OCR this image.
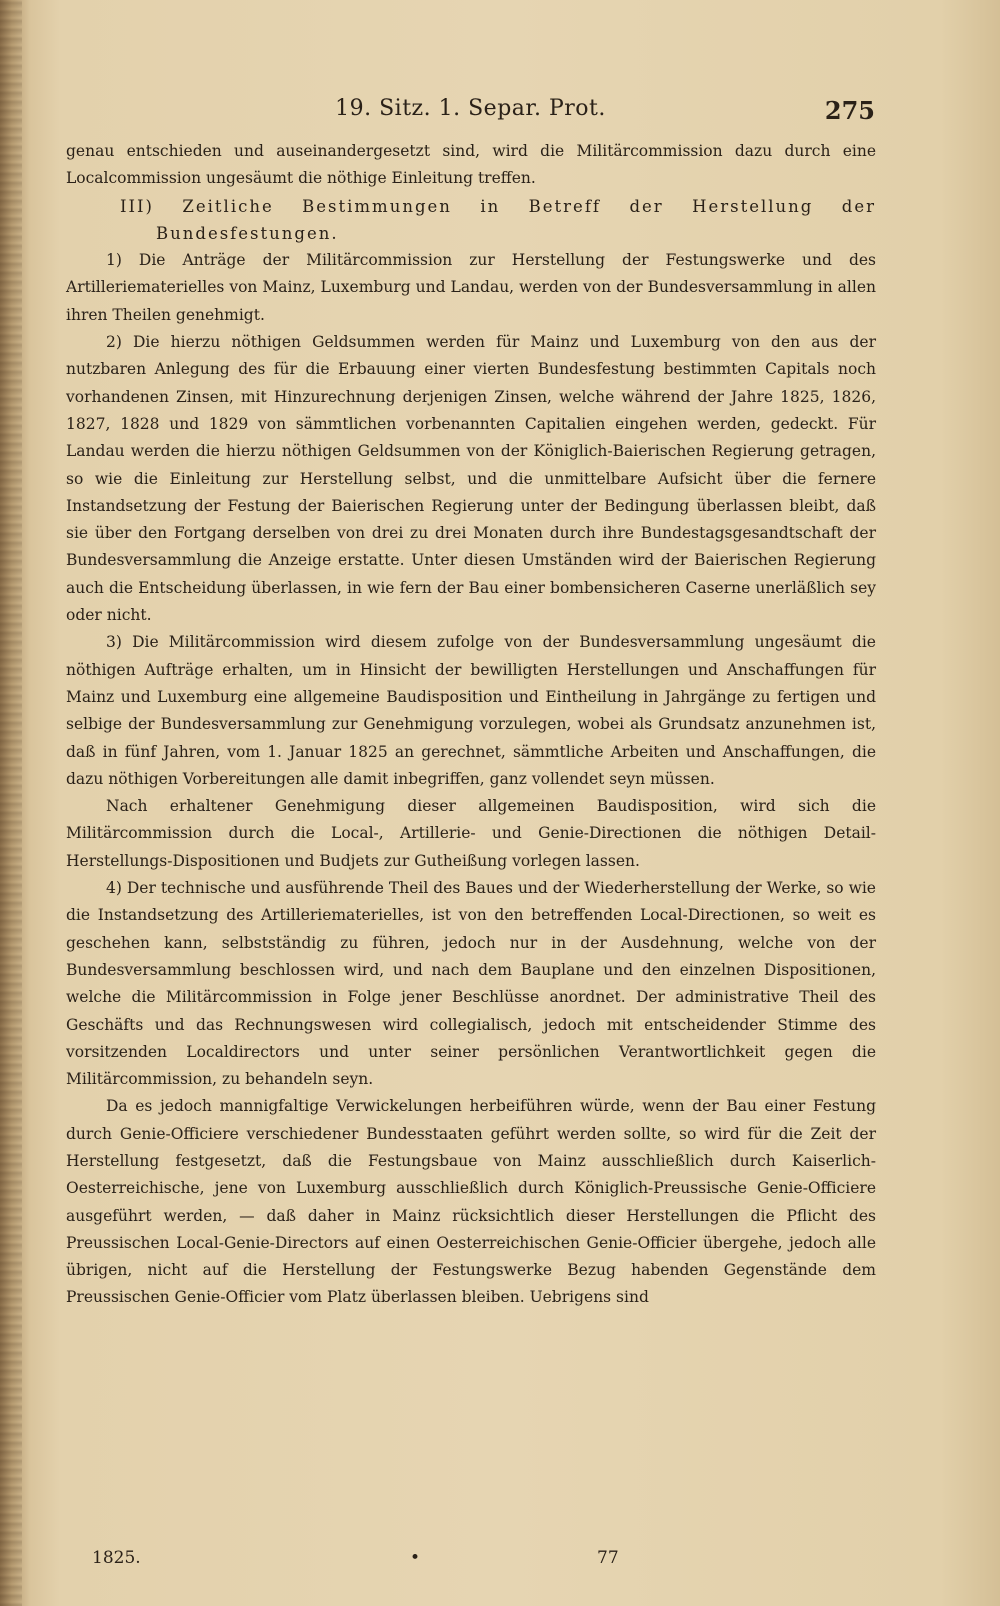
19. Sitz. 1. Separ. Prot.	275

genau entschieden und auseinandergesetzt sind, wird die Militärcommission dazu durch eine Localcommission ungesäumt die nöthige Einleitung treffen.

III) Zeitliche Bestimmungen in Betreff der Herstellung der Bundesfestungen.

1) Die Anträge der Militärcommission zur Herstellung der Festungswerke und des Artilleriematerielles von Mainz, Luxemburg und Landau, werden von der Bundesversammlung in allen ihren Theilen genehmigt.

2) Die hierzu nöthigen Geldsummen werden für Mainz und Luxemburg von den aus der nutzbaren Anlegung des für die Erbauung einer vierten Bundesfestung bestimmten Capitals noch vorhandenen Zinsen, mit Hinzurechnung derjenigen Zinsen, welche während der Jahre 1825, 1826, 1827, 1828 und 1829 von sämmtlichen vorbenannten Capitalien eingehen werden, gedeckt. Für Landau werden die hierzu nöthigen Geldsummen von der Königlich-Baierischen Regierung getragen, so wie die Einleitung zur Herstellung selbst, und die unmittelbare Aufsicht über die fernere Instandsetzung der Festung der Baierischen Regierung unter der Bedingung überlassen bleibt, daß sie über den Fortgang derselben von drei zu drei Monaten durch ihre Bundestagsgesandtschaft der Bundesversammlung die Anzeige erstatte. Unter diesen Umständen wird der Baierischen Regierung auch die Entscheidung überlassen, in wie fern der Bau einer bombensicheren Caserne unerläßlich sey oder nicht.

3) Die Militärcommission wird diesem zufolge von der Bundesversammlung ungesäumt die nöthigen Aufträge erhalten, um in Hinsicht der bewilligten Herstellungen und Anschaffungen für Mainz und Luxemburg eine allgemeine Baudisposition und Eintheilung in Jahrgänge zu fertigen und selbige der Bundesversammlung zur Genehmigung vorzulegen, wobei als Grundsatz anzunehmen ist, daß in fünf Jahren, vom 1. Januar 1825 an gerechnet, sämmtliche Arbeiten und Anschaffungen, die dazu nöthigen Vorbereitungen alle damit inbegriffen, ganz vollendet seyn müssen.

Nach erhaltener Genehmigung dieser allgemeinen Baudisposition, wird sich die Militärcommission durch die Local-, Artillerie- und Genie-Directionen die nöthigen Detail-Herstellungs-Dispositionen und Budjets zur Gutheißung vorlegen lassen.

4) Der technische und ausführende Theil des Baues und der Wiederherstellung der Werke, so wie die Instandsetzung des Artilleriematerielles, ist von den betreffenden Local-Directionen, so weit es geschehen kann, selbstständig zu führen, jedoch nur in der Ausdehnung, welche von der Bundesversammlung beschlossen wird, und nach dem Bauplane und den einzelnen Dispositionen, welche die Militärcommission in Folge jener Beschlüsse anordnet. Der administrative Theil des Geschäfts und das Rechnungswesen wird collegialisch, jedoch mit entscheidender Stimme des vorsitzenden Localdirectors und unter seiner persönlichen Verantwortlichkeit gegen die Militärcommission, zu behandeln seyn.

Da es jedoch mannigfaltige Verwickelungen herbeiführen würde, wenn der Bau einer Festung durch Genie-Officiere verschiedener Bundesstaaten geführt werden sollte, so wird für die Zeit der Herstellung festgesetzt, daß die Festungsbaue von Mainz ausschließlich durch Kaiserlich-Oesterreichische, jene von Luxemburg ausschließlich durch Königlich-Preussische Genie-Officiere ausgeführt werden, — daß daher in Mainz rücksichtlich dieser Herstellungen die Pflicht des Preussischen Local-Genie-Directors auf einen Oesterreichischen Genie-Officier übergehe, jedoch alle übrigen, nicht auf die Herstellung der Festungswerke Bezug habenden Gegenstände dem Preussischen Genie-Officier vom Platz überlassen bleiben. Uebrigens sind

1825.	•	77
